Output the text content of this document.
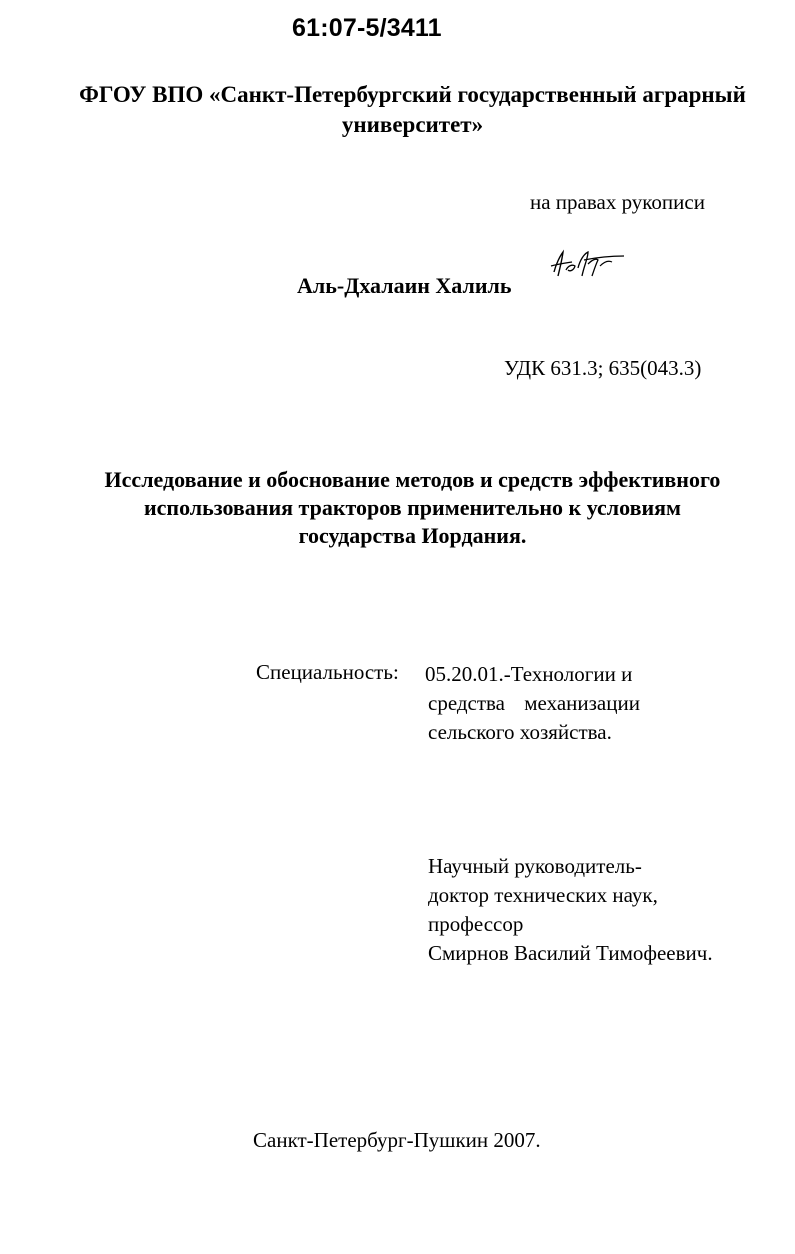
61:07-5/3411
ФГОУ ВПО «Санкт-Петербургский государственный аграрный
университет»
на правах рукописи
Аль-Дхалаин Халиль
УДК 631.3; 635(043.3)
Исследование и обоснование методов и средств эффективного
использования тракторов применительно к условиям
государства Иордания.
Специальность: 05.20.01.-Технологии и
средства механизации
сельского хозяйства.
Научный руководитель-
доктор технических наук,
профессор
Смирнов Василий Тимофеевич.
Санкт-Петербург-Пушкин 2007.
